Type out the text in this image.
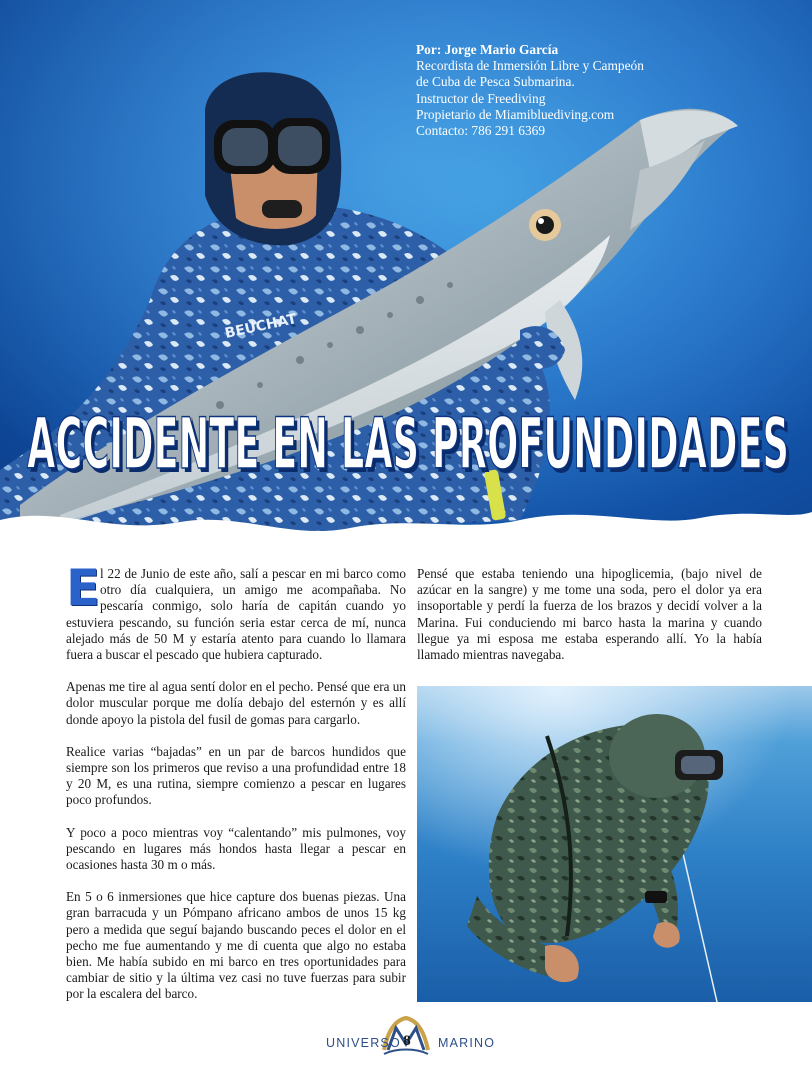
BEUCHAT
Por: Jorge Mario García
Recordista de Inmersión Libre y Campeón
de Cuba de Pesca Submarina.
Instructor de Freediving
Propietario de Miamibluediving.com
Contacto: 786 291 6369
ACCIDENTE EN LAS PROFUNDIDADES
ACCIDENTE EN LAS PROFUNDIDADES

El 22 de Junio de este año, salí a pescar en mi barco como otro día cualquiera, un amigo me acompañaba. No pescaría conmigo, solo haría de capitán cuando yo estuviera pescando, su función seria estar cerca de mí, nunca alejado más de 50 M y estaría atento para cuando lo llamara fuera a buscar el pescado que hubiera capturado.

Apenas me tire al agua sentí dolor en el pecho. Pensé que era un dolor muscular porque me dolía debajo del esternón y es allí donde apoyo la pistola del fusil de gomas para cargarlo.

Realice varias “bajadas” en un par de barcos hundidos que siempre son los primeros que reviso a una profundidad entre 18 y 20 M, es una rutina, siempre comienzo a pescar en lugares poco profundos.

Y poco a poco mientras voy “calentando” mis pulmones, voy pescando en lugares más hondos hasta llegar a pescar en ocasiones hasta 30 m o más.

En 5 o 6 inmersiones que hice capture dos buenas piezas. Una gran barracuda y un Pómpano africano ambos de unos 15 kg pero a medida que seguí bajando buscando peces el dolor en el pecho me fue aumentando y me di cuenta que algo no estaba bien. Me había subido en mi barco en tres oportunidades para cambiar de sitio y la última vez casi no tuve fuerzas para subir por la escalera del barco.

Pensé que estaba teniendo una hipoglicemia, (bajo nivel de azúcar en la sangre) y me tome una soda, pero el dolor ya era insoportable y perdí la fuerza de los brazos y decidí volver a la Marina. Fui conduciendo mi barco hasta la marina y cuando llegue ya mi esposa me estaba esperando allí. Yo la había llamado mientras navegaba.

UNIVERSO 8 MARINO
